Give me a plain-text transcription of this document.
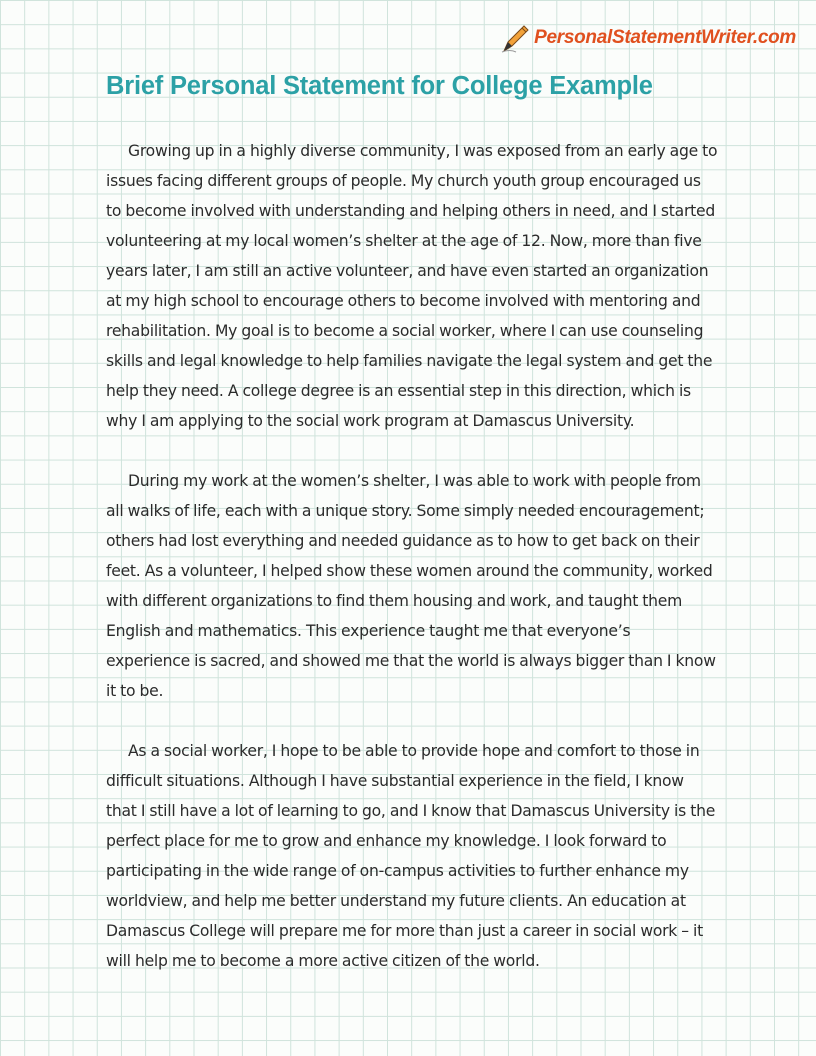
PersonalStatementWriter.com
Brief Personal Statement for College Example

Growing up in a highly diverse community, I was exposed from an early age to issues facing different groups of people. My church youth group encouraged us to become involved with understanding and helping others in need, and I started volunteering at my local women’s shelter at the age of 12. Now, more than five years later, I am still an active volunteer, and have even started an organization at my high school to encourage others to become involved with mentoring and rehabilitation. My goal is to become a social worker, where I can use counseling skills and legal knowledge to help families navigate the legal system and get the help they need. A college degree is an essential step in this direction, which is why I am applying to the social work program at Damascus University.

During my work at the women’s shelter, I was able to work with people from all walks of life, each with a unique story. Some simply needed encouragement; others had lost everything and needed guidance as to how to get back on their feet. As a volunteer, I helped show these women around the community, worked with different organizations to find them housing and work, and taught them English and mathematics. This experience taught me that everyone’s experience is sacred, and showed me that the world is always bigger than I know it to be.

As a social worker, I hope to be able to provide hope and comfort to those in difficult situations. Although I have substantial experience in the field, I know that I still have a lot of learning to go, and I know that Damascus University is the perfect place for me to grow and enhance my knowledge. I look forward to participating in the wide range of on-campus activities to further enhance my worldview, and help me better understand my future clients. An education at Damascus College will prepare me for more than just a career in social work – it will help me to become a more active citizen of the world.
